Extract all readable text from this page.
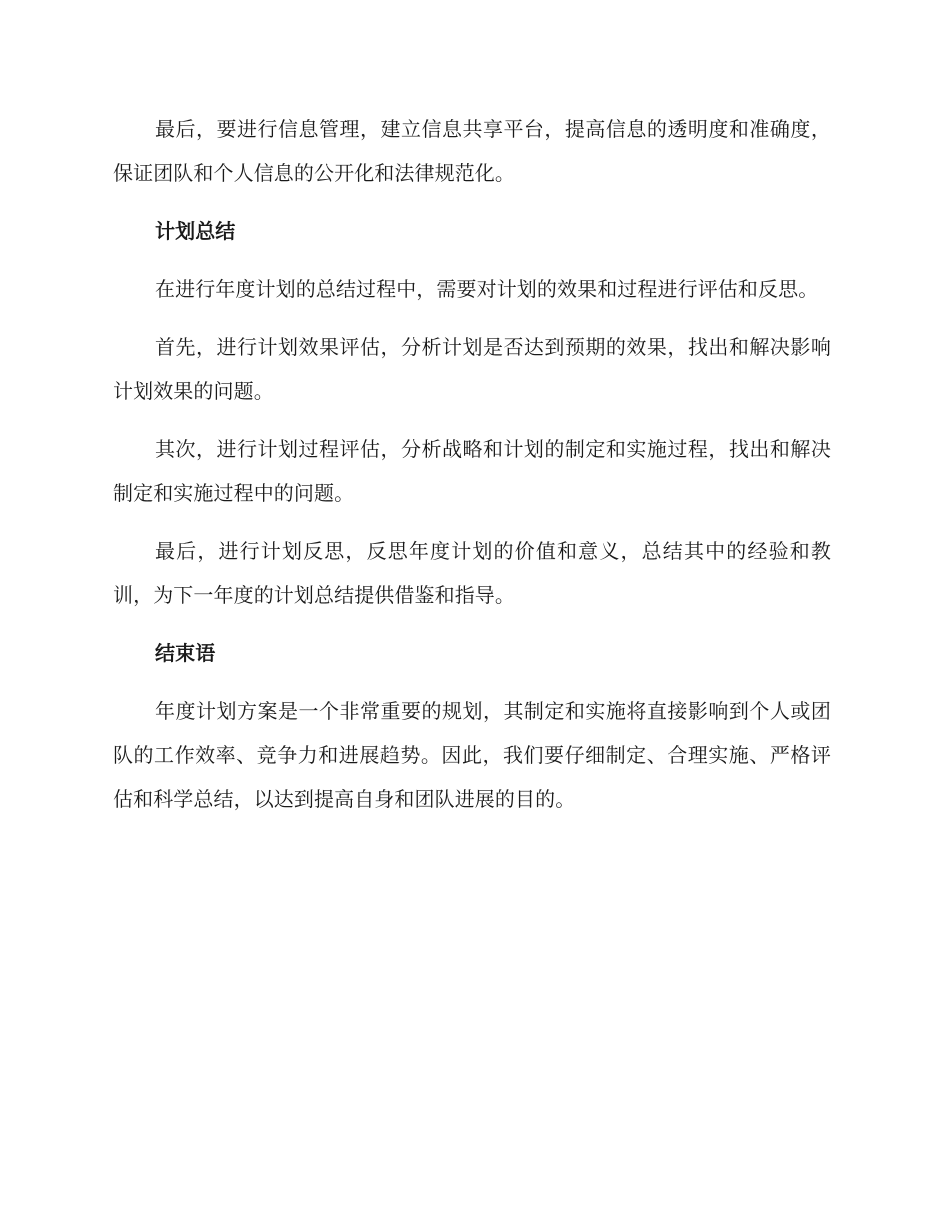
最后，要进行信息管理，建立信息共享平台，提高信息的透明度和准确度，保证团队和个人信息的公开化和法律规范化。

计划总结

在进行年度计划的总结过程中，需要对计划的效果和过程进行评估和反思。

首先，进行计划效果评估，分析计划是否达到预期的效果，找出和解决影响计划效果的问题。

其次，进行计划过程评估，分析战略和计划的制定和实施过程，找出和解决制定和实施过程中的问题。

最后，进行计划反思，反思年度计划的价值和意义，总结其中的经验和教训，为下一年度的计划总结提供借鉴和指导。

结束语

年度计划方案是一个非常重要的规划，其制定和实施将直接影响到个人或团队的工作效率、竞争力和进展趋势。因此，我们要仔细制定、合理实施、严格评估和科学总结，以达到提高自身和团队进展的目的。
